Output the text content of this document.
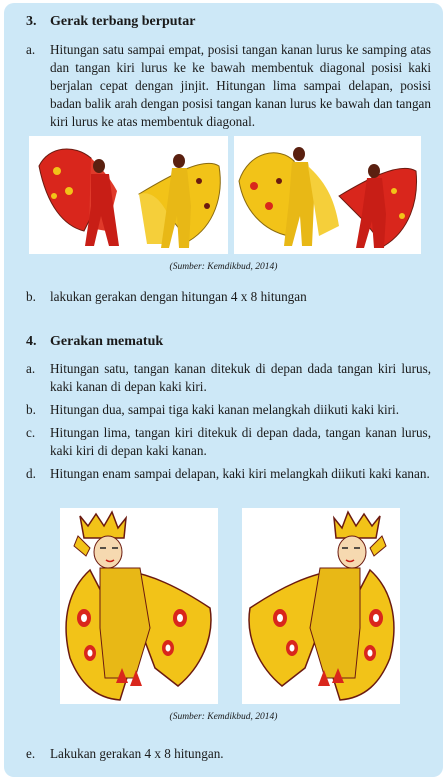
3. Gerak terbang berputar
a. Hitungan satu sampai empat, posisi tangan kanan lurus ke samping atas dan tangan kiri lurus ke ke bawah membentuk diagonal posisi kaki berjalan cepat dengan jinjit. Hitungan lima sampai delapan, posisi badan balik arah dengan posisi tangan kanan lurus ke bawah dan tangan kiri lurus ke atas membentuk diagonal.
(Sumber: Kemdikbud, 2014)
b. lakukan gerakan dengan hitungan 4 x 8 hitungan
4. Gerakan mematuk
a. Hitungan satu, tangan kanan ditekuk di depan dada tangan kiri lurus, kaki kanan di depan kaki kiri.
b. Hitungan dua, sampai tiga kaki kanan melangkah diikuti kaki kiri.
c. Hitungan lima, tangan kiri ditekuk di depan dada, tangan kanan lurus, kaki kiri di depan kaki kanan.
d. Hitungan enam sampai delapan, kaki kiri melangkah diikuti kaki kanan.
(Sumber: Kemdikbud, 2014)
e. Lakukan gerakan 4 x 8 hitungan.
